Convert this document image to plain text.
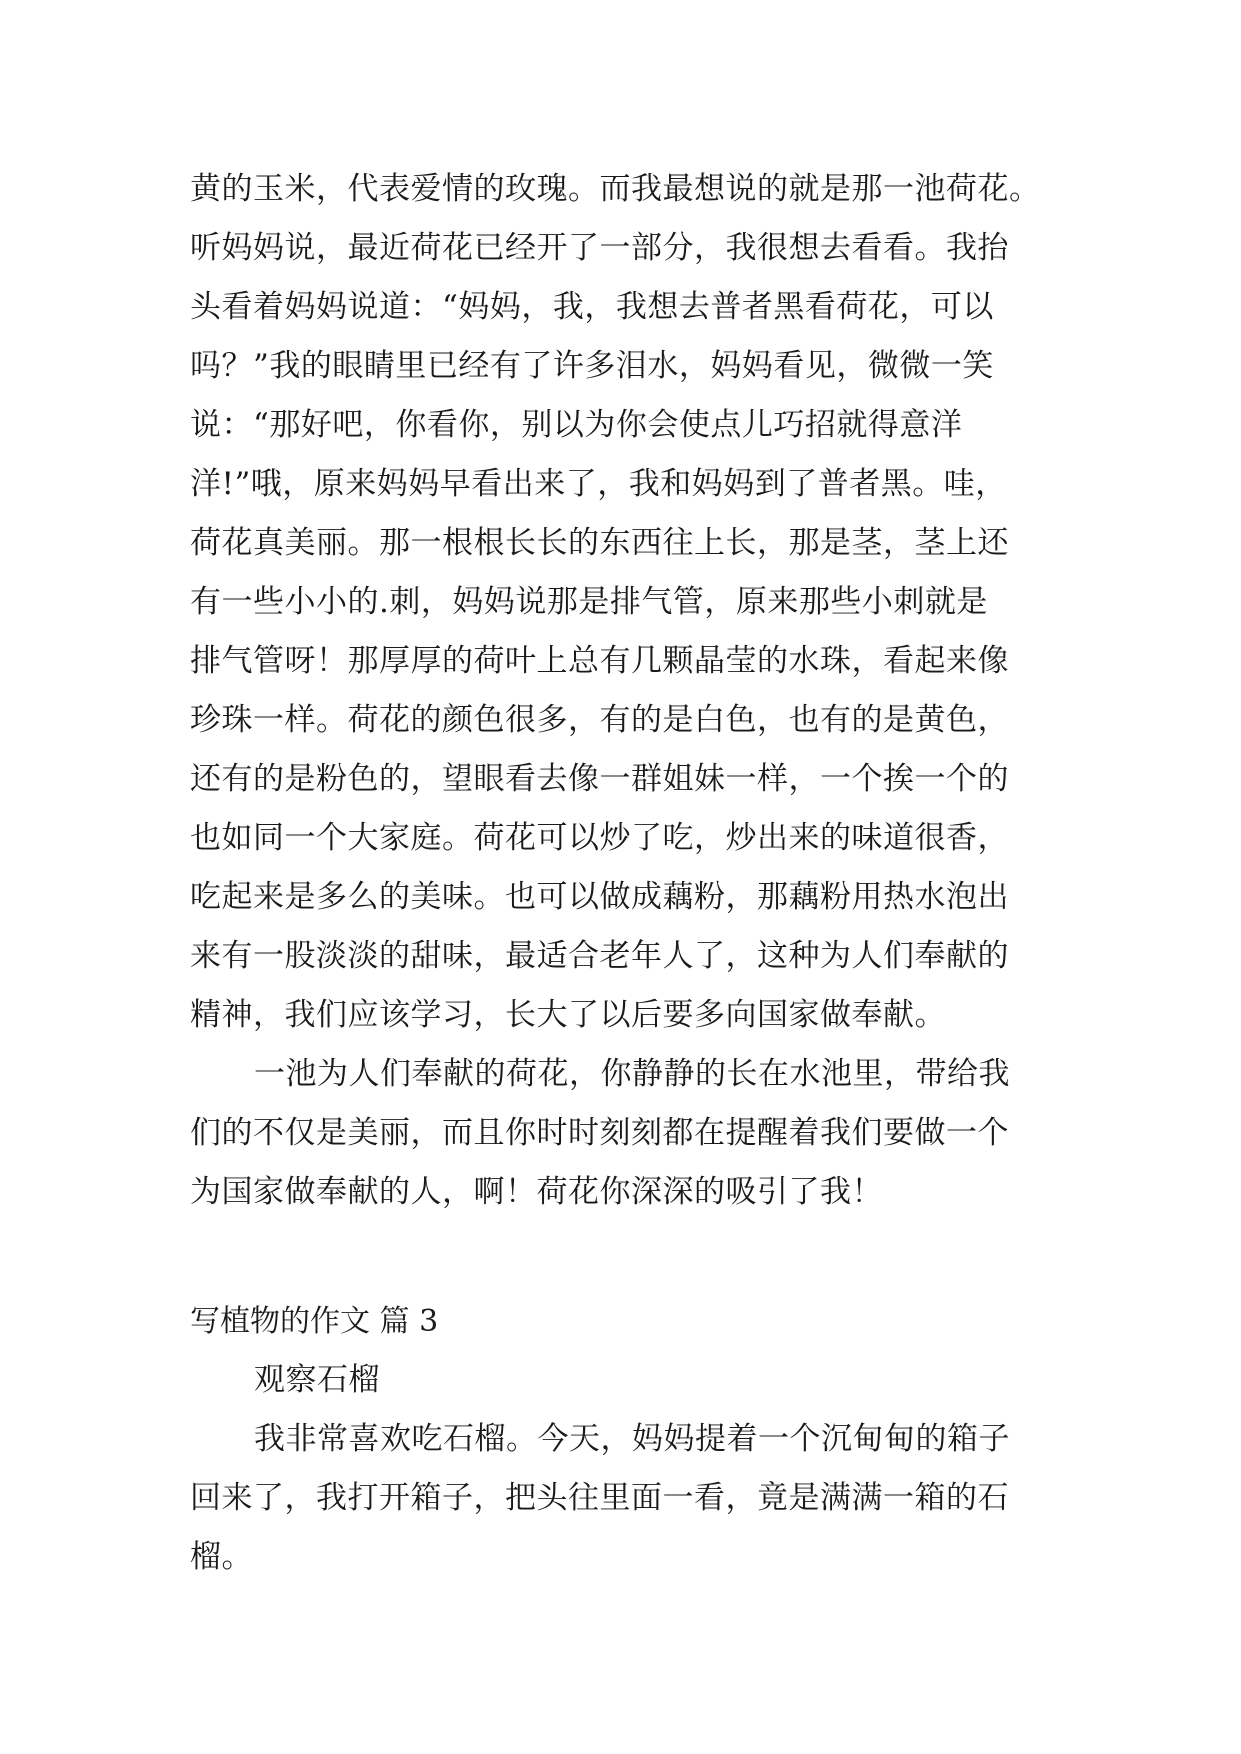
黄的玉米，代表爱情的玫瑰。而我最想说的就是那一池荷花。
听妈妈说，最近荷花已经开了一部分，我很想去看看。我抬
头看着妈妈说道：“妈妈，我，我想去普者黑看荷花，可以
吗？”我的眼睛里已经有了许多泪水，妈妈看见，微微一笑
说：“那好吧，你看你，别以为你会使点儿巧招就得意洋
洋!”哦，原来妈妈早看出来了，我和妈妈到了普者黑。哇，
荷花真美丽。那一根根长长的东西往上长，那是茎，茎上还
有一些小小的.刺，妈妈说那是排气管，原来那些小刺就是
排气管呀！那厚厚的荷叶上总有几颗晶莹的水珠，看起来像
珍珠一样。荷花的颜色很多，有的是白色，也有的是黄色，
还有的是粉色的，望眼看去像一群姐妹一样，一个挨一个的
也如同一个大家庭。荷花可以炒了吃，炒出来的味道很香，
吃起来是多么的美味。也可以做成藕粉，那藕粉用热水泡出
来有一股淡淡的甜味，最适合老年人了，这种为人们奉献的
精神，我们应该学习，长大了以后要多向国家做奉献。
一池为人们奉献的荷花，你静静的长在水池里，带给我
们的不仅是美丽，而且你时时刻刻都在提醒着我们要做一个
为国家做奉献的人，啊！荷花你深深的吸引了我！
写植物的作文 篇 3
观察石榴
我非常喜欢吃石榴。今天，妈妈提着一个沉甸甸的箱子
回来了，我打开箱子，把头往里面一看，竟是满满一箱的石
榴。
